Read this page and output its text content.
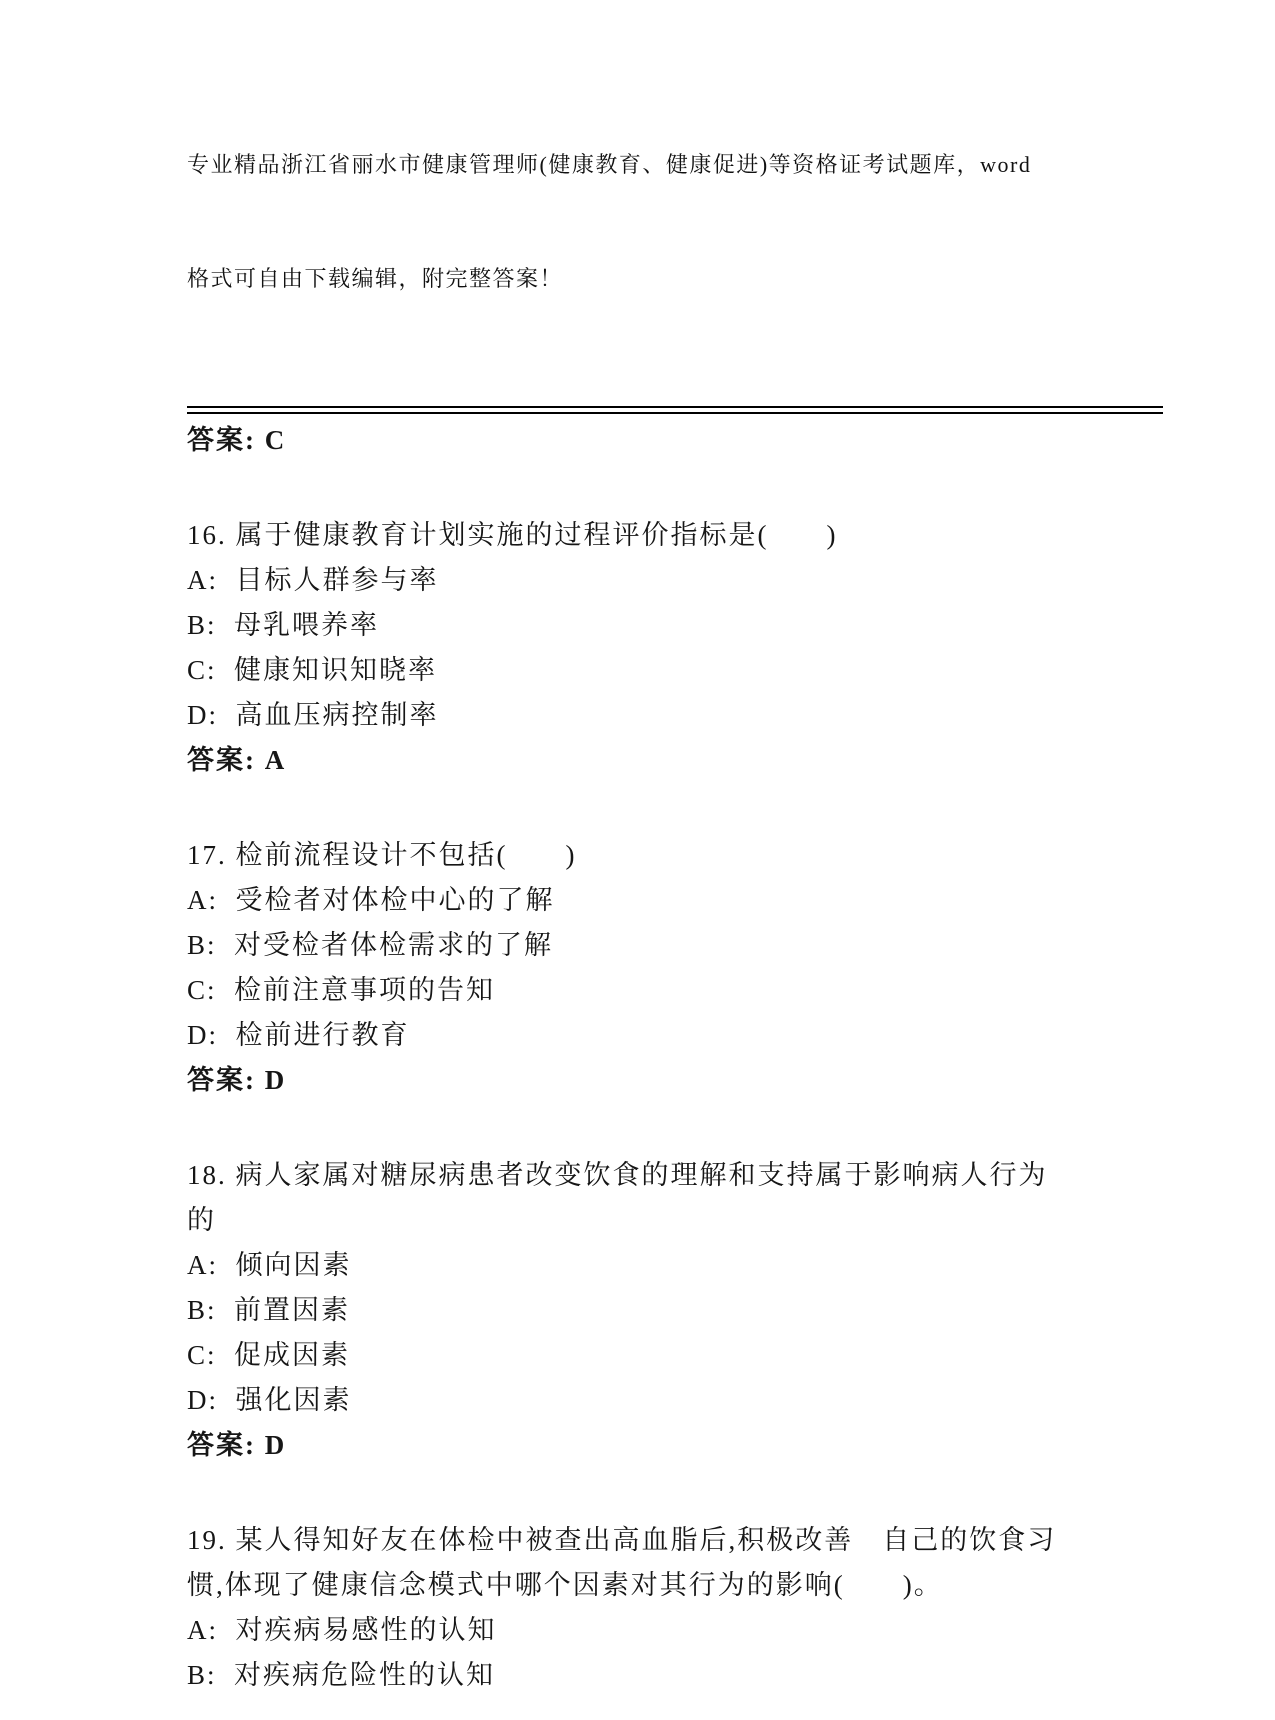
专业精品浙江省丽水市健康管理师(健康教育、健康促进)等资格证考试题库，word

格式可自由下载编辑，附完整答案！

答案: C

16. 属于健康教育计划实施的过程评价指标是(　　)

A:  目标人群参与率

B:  母乳喂养率

C:  健康知识知晓率

D:  高血压病控制率

答案: A

17. 检前流程设计不包括(　　)

A:  受检者对体检中心的了解

B:  对受检者体检需求的了解

C:  检前注意事项的告知

D:  检前进行教育

答案: D

18. 病人家属对糖尿病患者改变饮食的理解和支持属于影响病人行为的

A:  倾向因素

B:  前置因素

C:  促成因素

D:  强化因素

答案: D

19. 某人得知好友在体检中被查出高血脂后,积极改善　自己的饮食习惯,体现了健康信念模式中哪个因素对其行为的影响(　　)。

A:  对疾病易感性的认知

B:  对疾病危险性的认知
